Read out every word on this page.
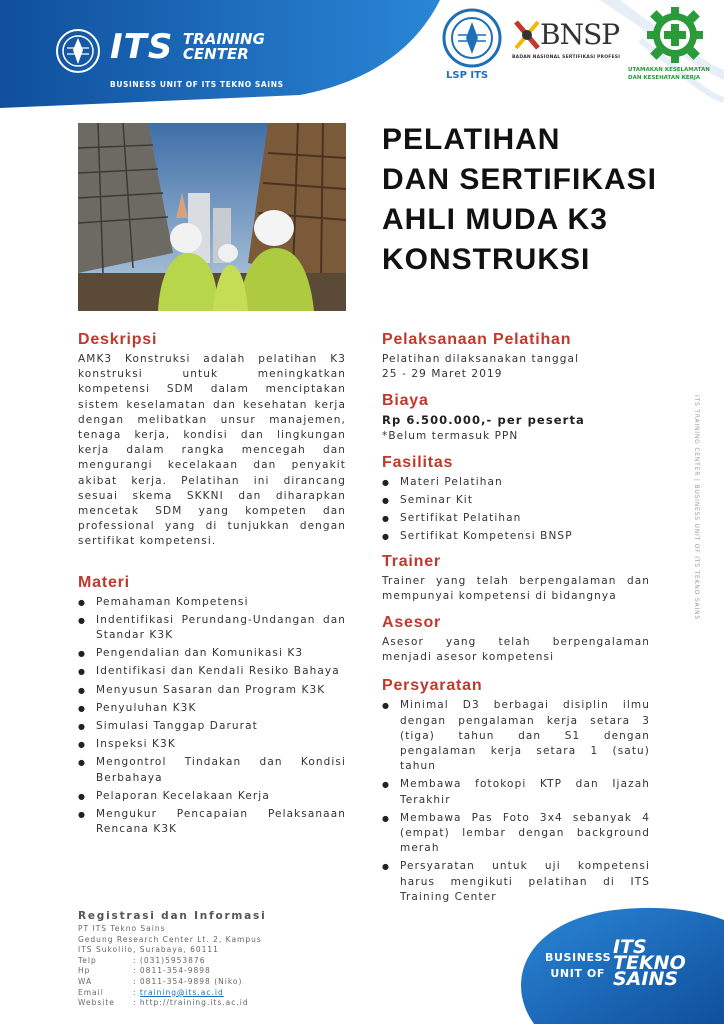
ITS TRAINING
CENTER
BUSINESS UNIT OF ITS TEKNO SAINS
LSP ITS
BNSP
BADAN NASIONAL SERTIFIKASI PROFESI
UTAMAKAN KESELAMATAN
DAN KESEHATAN KERJA
PELATIHAN
DAN SERTIFIKASI
AHLI MUDA K3
KONSTRUKSI
Deskripsi

AMK3 Konstruksi adalah pelatihan K3 konstruksi untuk meningkatkan kompetensi SDM dalam menciptakan sistem keselamatan dan kesehatan kerja dengan melibatkan unsur manajemen, tenaga kerja, kondisi dan lingkungan kerja dalam rangka mencegah dan mengurangi kecelakaan dan penyakit akibat kerja. Pelatihan ini dirancang sesuai skema SKKNI dan diharapkan mencetak SDM yang kompeten dan professional yang di tunjukkan dengan sertifikat kompetensi.

Materi
● Pemahaman Kompetensi
● Indentifikasi Perundang-Undangan dan Standar K3K
● Pengendalian dan Komunikasi K3
● Identifikasi dan Kendali Resiko Bahaya
● Menyusun Sasaran dan Program K3K
● Penyuluhan K3K
● Simulasi Tanggap Darurat
● Inspeksi K3K
● Mengontrol Tindakan dan Kondisi Berbahaya
● Pelaporan Kecelakaan Kerja
● Mengukur Pencapaian Pelaksanaan Rencana K3K
Pelaksanaan Pelatihan
Pelatihan dilaksanakan tanggal
25 - 29 Maret 2019
Biaya
Rp 6.500.000,- per peserta
*Belum termasuk PPN
Fasilitas
● Materi Pelatihan
● Seminar Kit
● Sertifikat Pelatihan
● Sertifikat Kompetensi BNSP
Trainer

Trainer yang telah berpengalaman dan mempunyai kompetensi di bidangnya

Asesor

Asesor yang telah berpengalaman menjadi asesor kompetensi

Persyaratan
● Minimal D3 berbagai disiplin ilmu dengan pengalaman kerja setara 3 (tiga) tahun dan S1 dengan pengalaman kerja setara 1 (satu) tahun
● Membawa fotokopi KTP dan Ijazah Terakhir
● Membawa Pas Foto 3x4 sebanyak 4 (empat) lembar dengan background merah
● Persyaratan untuk uji kompetensi harus mengikuti pelatihan di ITS Training Center
ITS TRAINING CENTER | BUSINESS UNIT OF ITS TEKNO SAINS
Registrasi dan Informasi
PT ITS Tekno Sains
Gedung Research Center Lt. 2, Kampus
ITS Sukolilo, Surabaya, 60111
Telp	: (031)5953876
Hp	: 0811-354-9898
WA	: 0811-354-9898 (Niko)
Email	: training@its.ac.id
Website : http://training.its.ac.id
BUSINESS
UNIT OF
ITS
TEKNO
SAINS
